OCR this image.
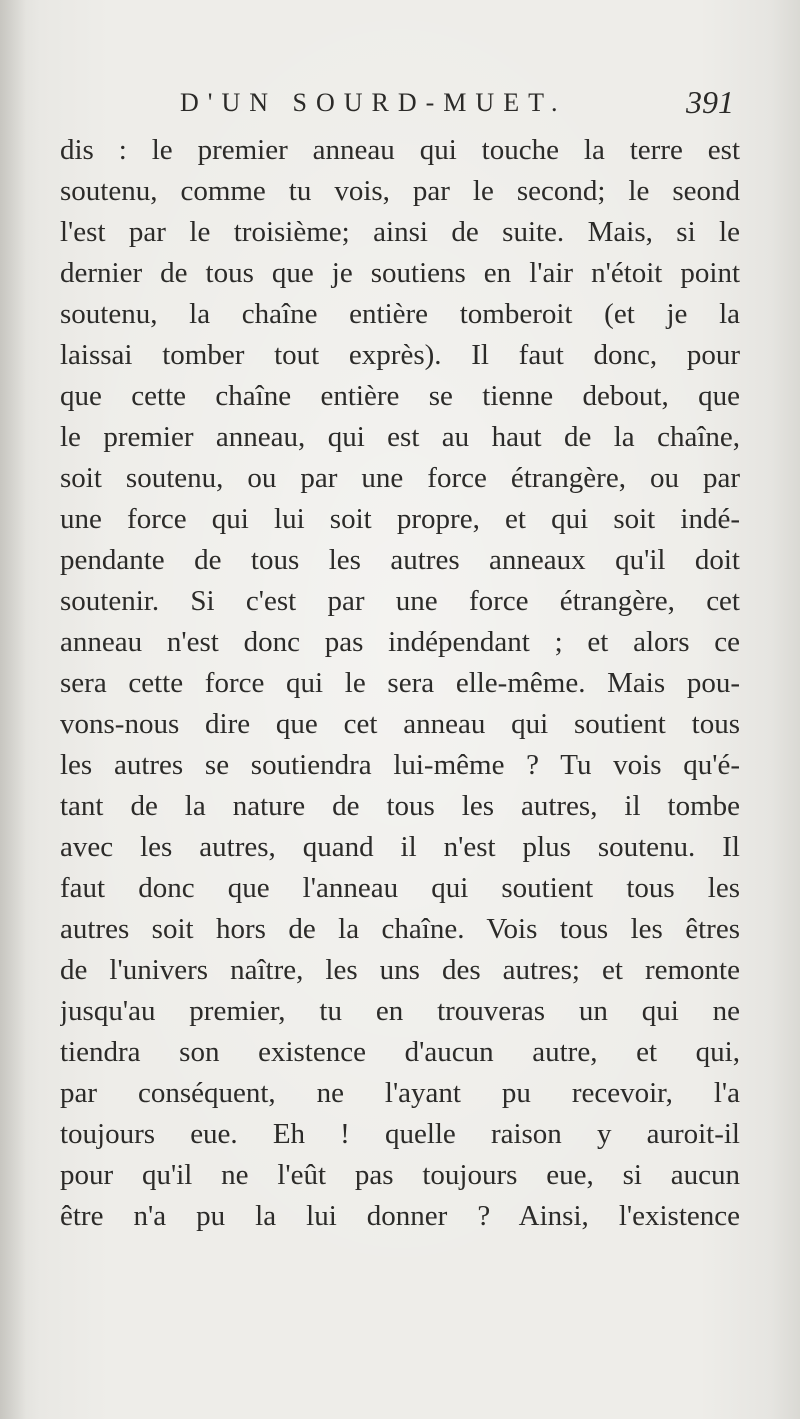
D'UN SOURD-MUET.	391
dis : le premier anneau qui touche la terre est
soutenu, comme tu vois, par le second; le seond
l'est par le troisième; ainsi de suite. Mais, si le
dernier de tous que je soutiens en l'air n'étoit point
soutenu, la chaîne entière tomberoit (et je la
laissai tomber tout exprès). Il faut donc, pour
que cette chaîne entière se tienne debout, que
le premier anneau, qui est au haut de la chaîne,
soit soutenu, ou par une force étrangère, ou par
une force qui lui soit propre, et qui soit indé-
pendante de tous les autres anneaux qu'il doit
soutenir. Si c'est par une force étrangère, cet
anneau n'est donc pas indépendant ; et alors ce
sera cette force qui le sera elle-même. Mais pou-
vons-nous dire que cet anneau qui soutient tous
les autres se soutiendra lui-même ? Tu vois qu'é-
tant de la nature de tous les autres, il tombe
avec les autres, quand il n'est plus soutenu. Il
faut donc que l'anneau qui soutient tous les
autres soit hors de la chaîne. Vois tous les êtres
de l'univers naître, les uns des autres; et remonte
jusqu'au premier, tu en trouveras un qui ne
tiendra son existence d'aucun autre, et qui,
par conséquent, ne l'ayant pu recevoir, l'a
toujours eue. Eh ! quelle raison y auroit-il
pour qu'il ne l'eût pas toujours eue, si aucun
être n'a pu la lui donner ? Ainsi, l'existence
